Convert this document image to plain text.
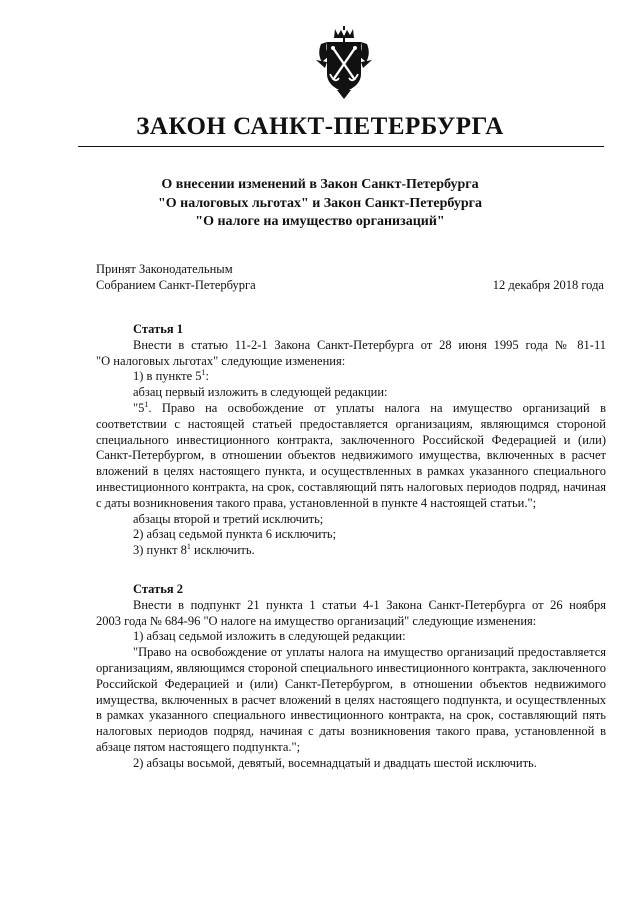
ЗАКОН САНКТ-ПЕТЕРБУРГА
О внесении изменений в Закон Санкт-Петербурга
"О налоговых льготах" и Закон Санкт-Петербурга
"О налоге на имущество организаций"
Принят Законодательным
Собранием Санкт-Петербурга	12 декабря 2018 года

Статья 1

Внести в статью 11-2-1 Закона Санкт-Петербурга от 28 июня 1995 года № 81-11

"О налоговых льготах" следующие изменения:

1) в пункте $5^1$:

абзац первый изложить в следующей редакции:

"$5^1$. Право на освобождение от уплаты налога на имущество организаций в соответствии с настоящей статьей предоставляется организациям, являющимся стороной специального инвестиционного контракта, заключенного Российской Федерацией и (или) Санкт-Петербургом, в отношении объектов недвижимого имущества, включенных в расчет вложений в целях настоящего пункта, и осуществленных в рамках указанного специального инвестиционного контракта, на срок, составляющий пять налоговых периодов подряд, начиная с даты возникновения такого права, установленной в пункте 4 настоящей статьи.";

абзацы второй и третий исключить;

2) абзац седьмой пункта 6 исключить;

3) пункт $8^1$ исключить.

Статья 2

Внести в подпункт 21 пункта 1 статьи 4-1 Закона Санкт-Петербурга от 26 ноября

2003 года № 684-96 "О налоге на имущество организаций" следующие изменения:

1) абзац седьмой изложить в следующей редакции:

"Право на освобождение от уплаты налога на имущество организаций предоставляется организациям, являющимся стороной специального инвестиционного контракта, заключенного Российской Федерацией и (или) Санкт-Петербургом, в отношении объектов недвижимого имущества, включенных в расчет вложений в целях настоящего подпункта, и осуществленных в рамках указанного специального инвестиционного контракта, на срок, составляющий пять налоговых периодов подряд, начиная с даты возникновения такого права, установленной в абзаце пятом настоящего подпункта.";

2) абзацы восьмой, девятый, восемнадцатый и двадцать шестой исключить.
